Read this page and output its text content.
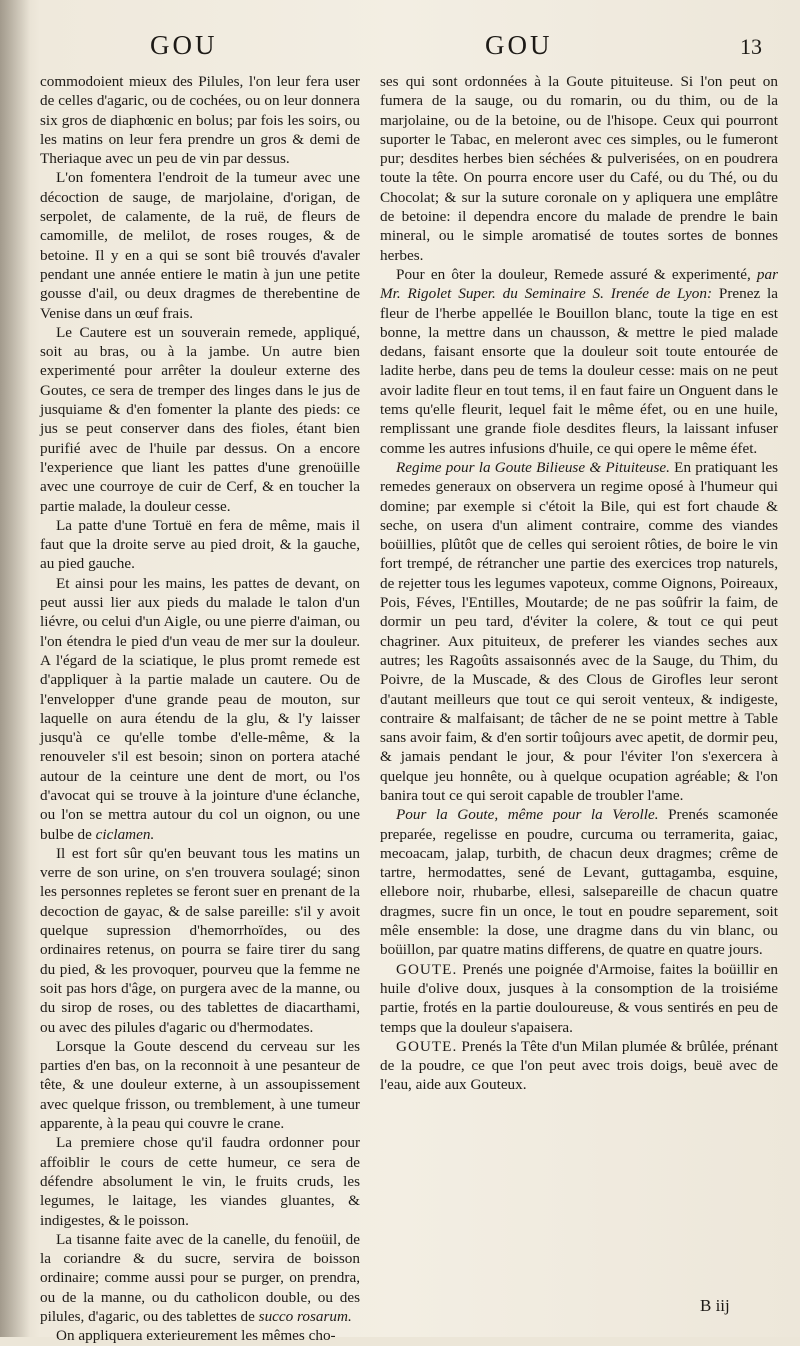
GOU	GOU	13

commodoient mieux des Pilules, l'on leur fera user de celles d'agaric, ou de cochées, ou on leur donnera six gros de diaphœnic en bolus; par fois les soirs, ou les matins on leur fera prendre un gros & demi de Theriaque avec un peu de vin par dessus.

L'on fomentera l'endroit de la tumeur avec une décoction de sauge, de marjolaine, d'origan, de serpolet, de calamente, de la ruë, de fleurs de camomille, de melilot, de roses rouges, & de betoine. Il y en a qui se sont biê trouvés d'avaler pendant une année entiere le matin à jun une petite gousse d'ail, ou deux dragmes de therebentine de Venise dans un œuf frais.

Le Cautere est un souverain remede, appliqué, soit au bras, ou à la jambe. Un autre bien experimenté pour arrêter la douleur externe des Goutes, ce sera de tremper des linges dans le jus de jusquiame & d'en fomenter la plante des pieds: ce jus se peut conserver dans des fioles, étant bien purifié avec de l'huile par dessus. On a encore l'experience que liant les pattes d'une grenoüille avec une courroye de cuir de Cerf, & en toucher la partie malade, la douleur cesse.

La patte d'une Tortuë en fera de même, mais il faut que la droite serve au pied droit, & la gauche, au pied gauche.

Et ainsi pour les mains, les pattes de devant, on peut aussi lier aux pieds du malade le talon d'un liévre, ou celui d'un Aigle, ou une pierre d'aiman, ou l'on étendra le pied d'un veau de mer sur la douleur. A l'égard de la sciatique, le plus promt remede est d'appliquer à la partie malade un cautere. Ou de l'envelopper d'une grande peau de mouton, sur laquelle on aura étendu de la glu, & l'y laisser jusqu'à ce qu'elle tombe d'elle-même, & la renouveler s'il est besoin; sinon on portera ataché autour de la ceinture une dent de mort, ou l'os d'avocat qui se trouve à la jointure d'une éclanche, ou l'on se mettra autour du col un oignon, ou une bulbe de ciclamen.

Il est fort sûr qu'en beuvant tous les matins un verre de son urine, on s'en trouvera soulagé; sinon les personnes repletes se feront suer en prenant de la decoction de gayac, & de salse pareille: s'il y avoit quelque supression d'hemorrhoïdes, ou des ordinaires retenus, on pourra se faire tirer du sang du pied, & les provoquer, pourveu que la femme ne soit pas hors d'âge, on purgera avec de la manne, ou du sirop de roses, ou des tablettes de diacarthami, ou avec des pilules d'agaric ou d'hermodates.

Lorsque la Goute descend du cerveau sur les parties d'en bas, on la reconnoit à une pesanteur de tête, & une douleur externe, à un assoupissement avec quelque frisson, ou tremblement, à une tumeur apparente, à la peau qui couvre le crane.

La premiere chose qu'il faudra ordonner pour affoiblir le cours de cette humeur, ce sera de défendre absolument le vin, le fruits cruds, les legumes, le laitage, les viandes gluantes, & indigestes, & le poisson.

La tisanne faite avec de la canelle, du fenoüil, de la coriandre & du sucre, servira de boisson ordinaire; comme aussi pour se purger, on prendra, ou de la manne, ou du catholicon double, ou des pilules, d'agaric, ou des tablettes de succo rosarum.

On appliquera exterieurement les mêmes cho-

ses qui sont ordonnées à la Goute pituiteuse. Si l'on peut on fumera de la sauge, ou du romarin, ou du thim, ou de la marjolaine, ou de la betoine, ou de l'hisope. Ceux qui pourront suporter le Tabac, en meleront avec ces simples, ou le fumeront pur; desdites herbes bien séchées & pulverisées, on en poudrera toute la tête. On pourra encore user du Café, ou du Thé, ou du Chocolat; & sur la suture coronale on y apliquera une emplâtre de betoine: il dependra encore du malade de prendre le bain mineral, ou le simple aromatisé de toutes sortes de bonnes herbes.

Pour en ôter la douleur, Remede assuré & experimenté, par Mr. Rigolet Super. du Seminaire S. Irenée de Lyon: Prenez la fleur de l'herbe appellée le Bouillon blanc, toute la tige en est bonne, la mettre dans un chausson, & mettre le pied malade dedans, faisant ensorte que la douleur soit toute entourée de ladite herbe, dans peu de tems la douleur cesse: mais on ne peut avoir ladite fleur en tout tems, il en faut faire un Onguent dans le tems qu'elle fleurit, lequel fait le même éfet, ou en une huile, remplissant une grande fiole desdites fleurs, la laissant infuser comme les autres infusions d'huile, ce qui opere le même éfet.

Regime pour la Goute Bilieuse & Pituiteuse. En pratiquant les remedes generaux on observera un regime oposé à l'humeur qui domine; par exemple si c'étoit la Bile, qui est fort chaude & seche, on usera d'un aliment contraire, comme des viandes boüillies, plûtôt que de celles qui seroient rôties, de boire le vin fort trempé, de rétrancher une partie des exercices trop naturels, de rejetter tous les legumes vapoteux, comme Oignons, Poireaux, Pois, Féves, l'Entilles, Moutarde; de ne pas soûfrir la faim, de dormir un peu tard, d'éviter la colere, & tout ce qui peut chagriner. Aux pituiteux, de preferer les viandes seches aux autres; les Ragoûts assaisonnés avec de la Sauge, du Thim, du Poivre, de la Muscade, & des Clous de Girofles leur seront d'autant meilleurs que tout ce qui seroit venteux, & indigeste, contraire & malfaisant; de tâcher de ne se point mettre à Table sans avoir faim, & d'en sortir toûjours avec apetit, de dormir peu, & jamais pendant le jour, & pour l'éviter l'on s'exercera à quelque jeu honnête, ou à quelque ocupation agréable; & l'on banira tout ce qui seroit capable de troubler l'ame.

Pour la Goute, même pour la Verolle. Prenés scamonée preparée, regelisse en poudre, curcuma ou terramerita, gaiac, mecoacam, jalap, turbith, de chacun deux dragmes; crême de tartre, hermodattes, sené de Levant, guttagamba, esquine, ellebore noir, rhubarbe, ellesi, salsepareille de chacun quatre dragmes, sucre fin un once, le tout en poudre separement, soit mêle ensemble: la dose, une dragme dans du vin blanc, ou boüillon, par quatre matins differens, de quatre en quatre jours.

GOUTE. Prenés une poignée d'Armoise, faites la boüillir en huile d'olive doux, jusques à la consomption de la troisiéme partie, frotés en la partie douloureuse, & vous sentirés en peu de temps que la douleur s'apaisera.

GOUTE. Prenés la Tête d'un Milan plumée & brûlée, prénant de la poudre, ce que l'on peut avec trois doigs, beuë avec de l'eau, aide aux Gouteux.

B iij
